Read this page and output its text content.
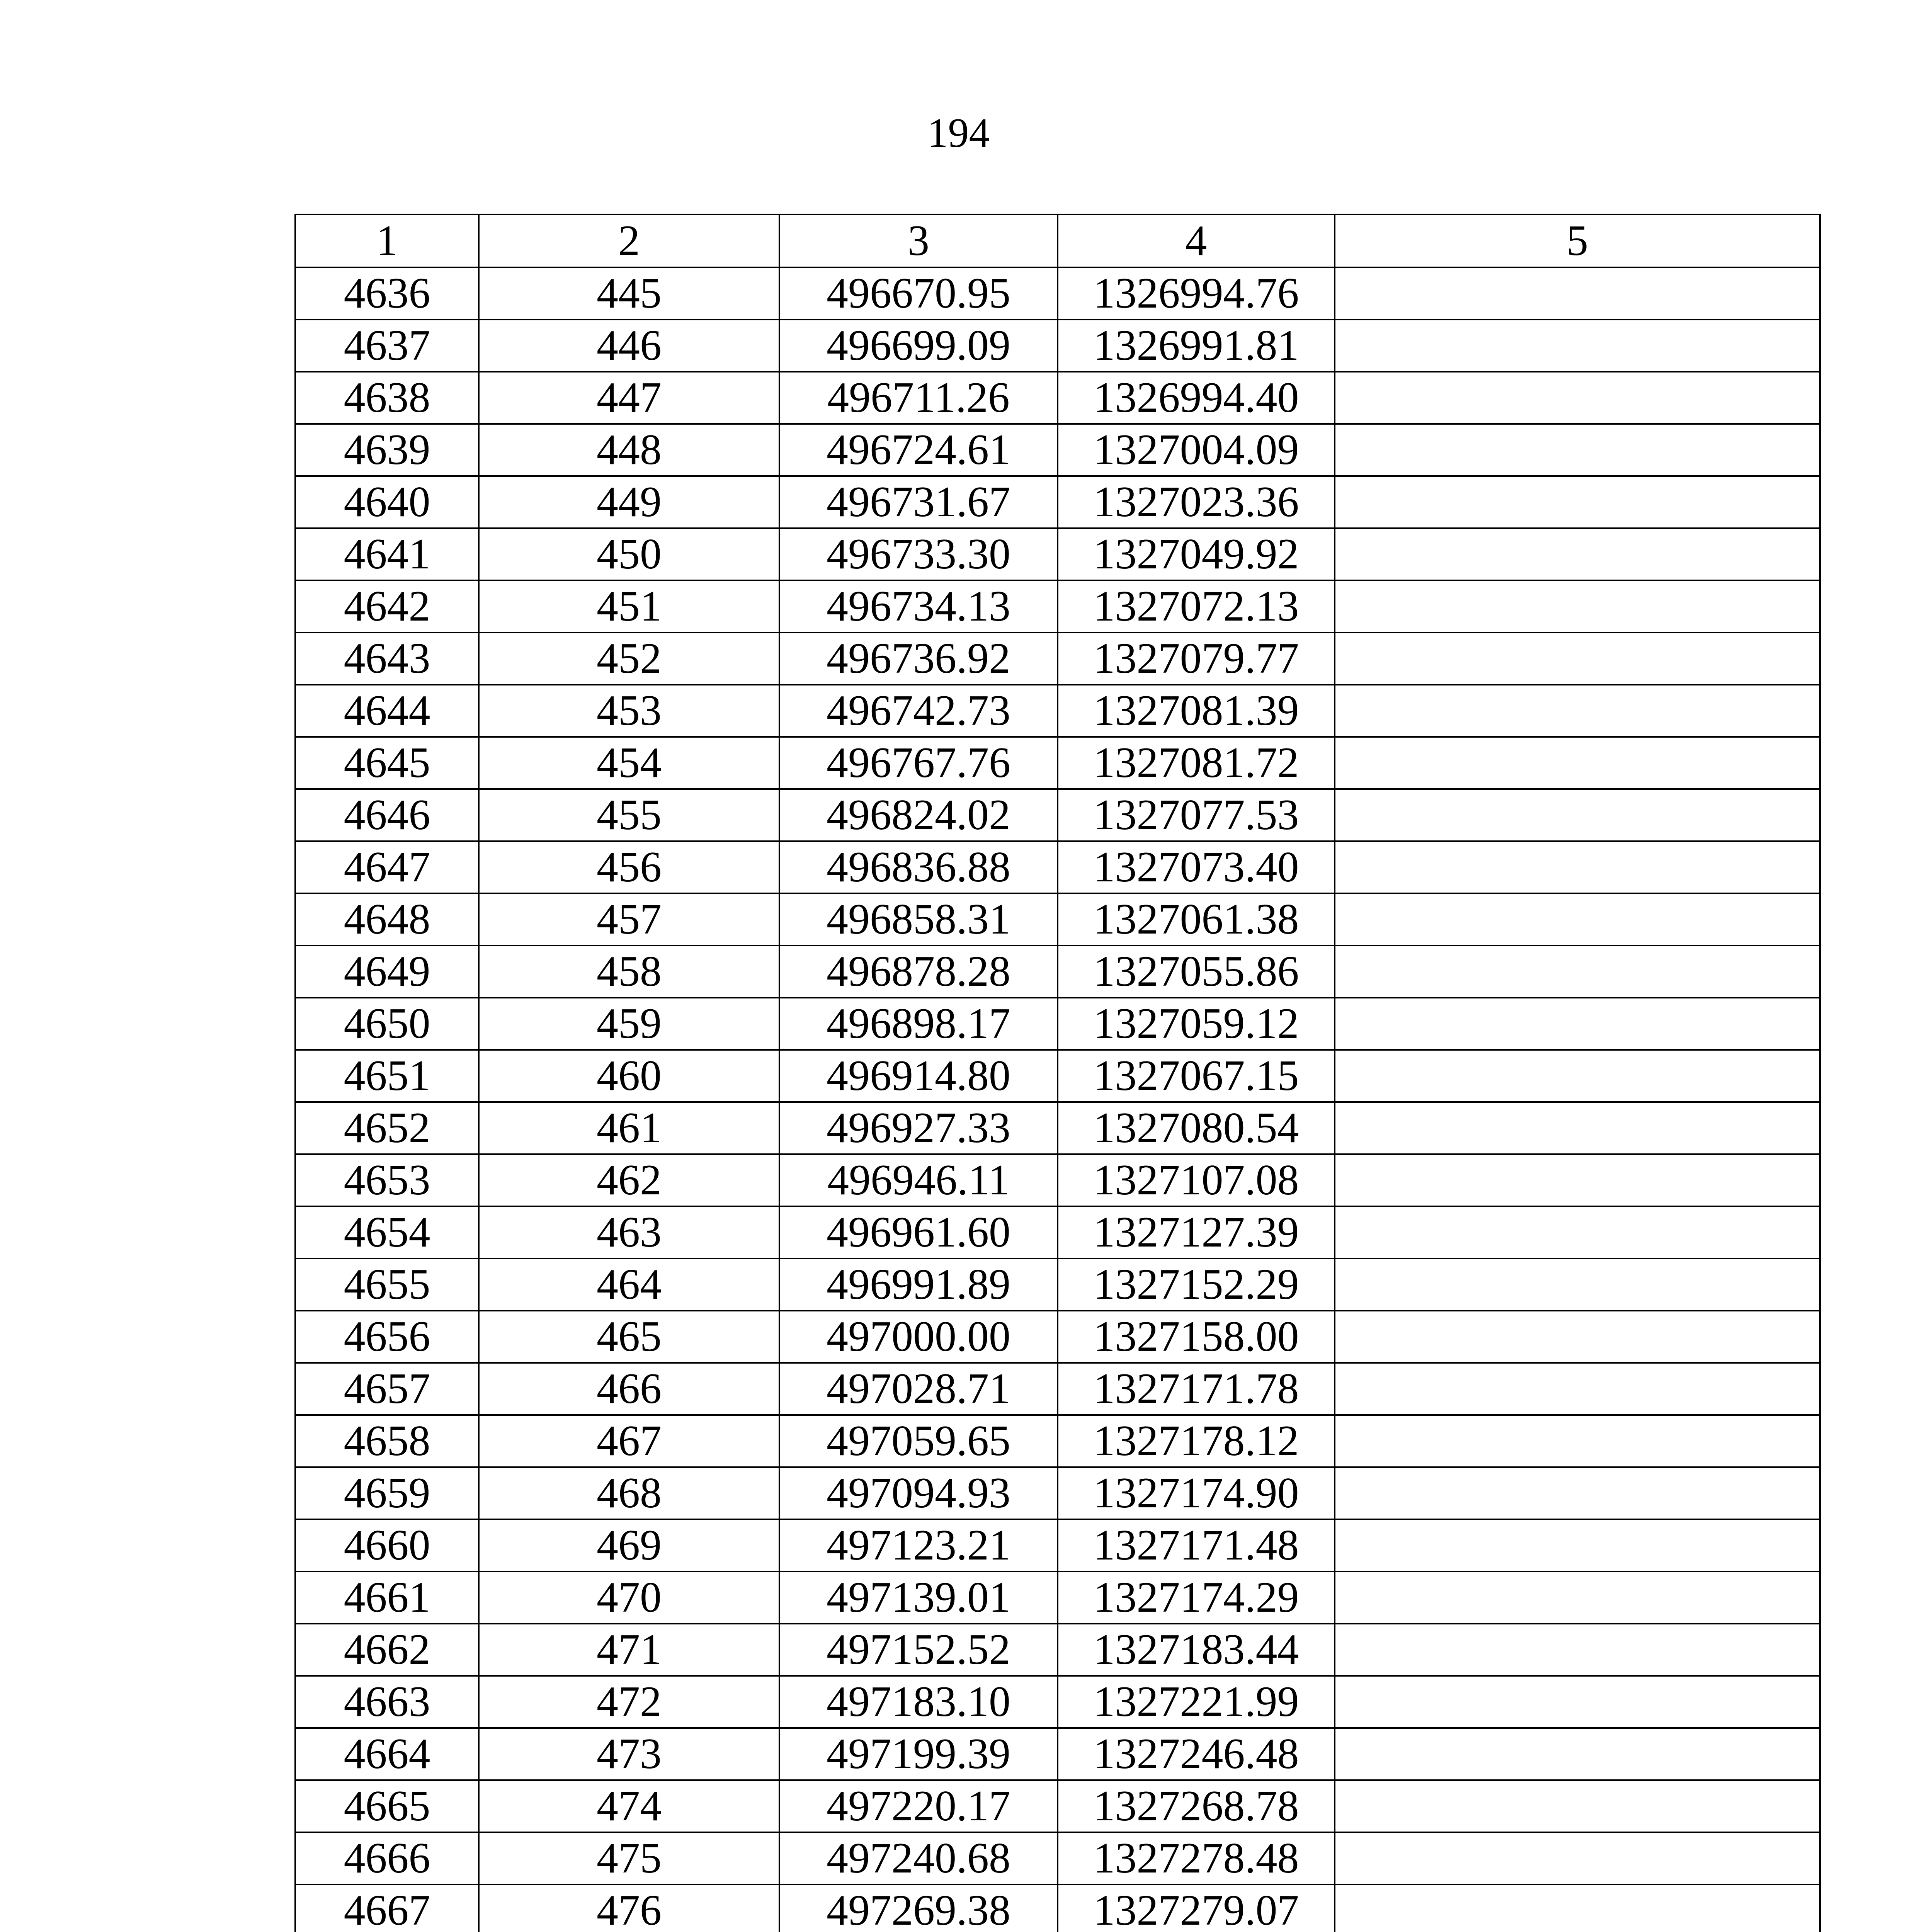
194
1	2	3	4	5
4636	445	496670.95	1326994.76	
4637	446	496699.09	1326991.81	
4638	447	496711.26	1326994.40	
4639	448	496724.61	1327004.09	
4640	449	496731.67	1327023.36	
4641	450	496733.30	1327049.92	
4642	451	496734.13	1327072.13	
4643	452	496736.92	1327079.77	
4644	453	496742.73	1327081.39	
4645	454	496767.76	1327081.72	
4646	455	496824.02	1327077.53	
4647	456	496836.88	1327073.40	
4648	457	496858.31	1327061.38	
4649	458	496878.28	1327055.86	
4650	459	496898.17	1327059.12	
4651	460	496914.80	1327067.15	
4652	461	496927.33	1327080.54	
4653	462	496946.11	1327107.08	
4654	463	496961.60	1327127.39	
4655	464	496991.89	1327152.29	
4656	465	497000.00	1327158.00	
4657	466	497028.71	1327171.78	
4658	467	497059.65	1327178.12	
4659	468	497094.93	1327174.90	
4660	469	497123.21	1327171.48	
4661	470	497139.01	1327174.29	
4662	471	497152.52	1327183.44	
4663	472	497183.10	1327221.99	
4664	473	497199.39	1327246.48	
4665	474	497220.17	1327268.78	
4666	475	497240.68	1327278.48	
4667	476	497269.38	1327279.07	
